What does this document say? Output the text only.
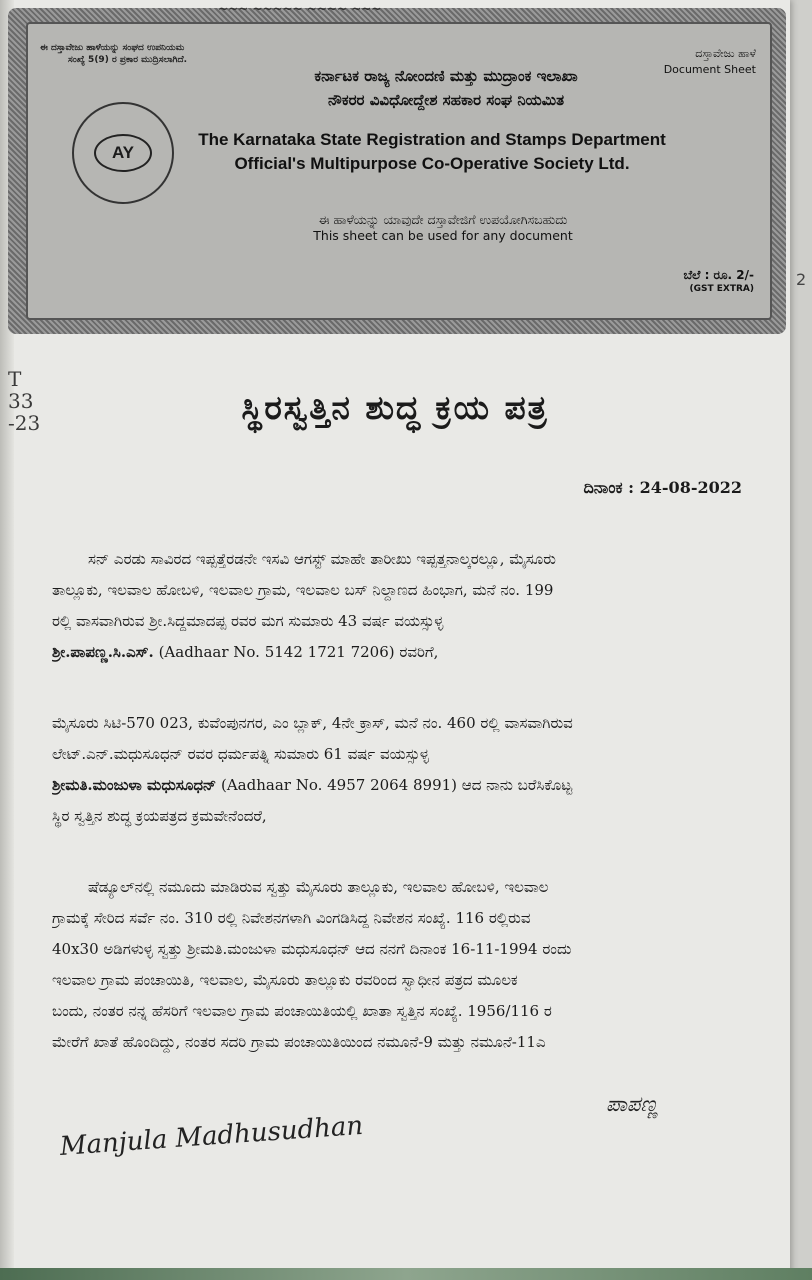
~~~ ~~~~~ ~~~~ ~~~
ಈ ದಸ್ತಾವೇಜು ಹಾಳೆಯನ್ನು ಸಂಘದ ಉಪನಿಯಮ
ಸಂಖ್ಯೆ 5(9) ರ ಪ್ರಕಾರ ಮುದ್ರಿಸಲಾಗಿದೆ.	ದಸ್ತಾವೇಜು ಹಾಳೆ
Document Sheet
AY
ಕರ್ನಾಟಕ ರಾಜ್ಯ ನೋಂದಣಿ ಮತ್ತು ಮುದ್ರಾಂಕ ಇಲಾಖಾ
ನೌಕರರ ವಿವಿಧೋದ್ದೇಶ ಸಹಕಾರ ಸಂಘ ನಿಯಮಿತ
The Karnataka State Registration and Stamps Department
Official's Multipurpose Co-Operative Society Ltd.
ಈ ಹಾಳೆಯನ್ನು ಯಾವುದೇ ದಸ್ತಾವೇಜಿಗೆ ಉಪಯೋಗಿಸಬಹುದು
This sheet can be used for any document
ಬೆಲೆ : ರೂ. 2/-
(GST EXTRA)
T
33
-23
2
ಸ್ಥಿರಸ್ವತ್ತಿನ ಶುದ್ಧ ಕ್ರಯ ಪತ್ರ
ದಿನಾಂಕ : 24-08-2022
ಸನ್ ಎರಡು ಸಾವಿರದ ಇಪ್ಪತ್ತೆರಡನೇ ಇಸವಿ ಆಗಸ್ಟ್ ಮಾಹೇ ತಾರೀಖು ಇಪ್ಪತ್ತನಾಲ್ಕರಲ್ಲೂ, ಮೈಸೂರು
ತಾಲ್ಲೂಕು, ಇಲವಾಲ ಹೋಬಳಿ, ಇಲವಾಲ ಗ್ರಾಮ, ಇಲವಾಲ ಬಸ್ ನಿಲ್ದಾಣದ ಹಿಂಭಾಗ, ಮನೆ ನಂ. 199
ರಲ್ಲಿ ವಾಸವಾಗಿರುವ ಶ್ರೀ.ಸಿದ್ದಮಾದಪ್ಪ ರವರ ಮಗ ಸುಮಾರು 43 ವರ್ಷ ವಯಸ್ಸುಳ್ಳ
ಶ್ರೀ.ಪಾಪಣ್ಣ.ಸಿ.ಎಸ್. (Aadhaar No. 5142 1721 7206) ರವರಿಗೆ,
ಮೈಸೂರು ಸಿಟಿ-570 023, ಕುವೆಂಪುನಗರ, ಎಂ ಬ್ಲಾಕ್, 4ನೇ ಕ್ರಾಸ್, ಮನೆ ನಂ. 460 ರಲ್ಲಿ ವಾಸವಾಗಿರುವ
ಲೇಟ್.ಎನ್.ಮಧುಸೂಧನ್ ರವರ ಧರ್ಮಪತ್ನಿ ಸುಮಾರು 61 ವರ್ಷ ವಯಸ್ಸುಳ್ಳ
ಶ್ರೀಮತಿ.ಮಂಜುಳಾ ಮಧುಸೂಧನ್ (Aadhaar No. 4957 2064 8991) ಆದ ನಾನು ಬರೆಸಿಕೊಟ್ಟ
ಸ್ಥಿರ ಸ್ವತ್ತಿನ ಶುದ್ಧ ಕ್ರಯಪತ್ರದ ಕ್ರಮವೇನೆಂದರೆ,
ಷೆಡ್ಯೂಲ್‌ನಲ್ಲಿ ನಮೂದು ಮಾಡಿರುವ ಸ್ವತ್ತು ಮೈಸೂರು ತಾಲ್ಲೂಕು, ಇಲವಾಲ ಹೋಬಳಿ, ಇಲವಾಲ
ಗ್ರಾಮಕ್ಕೆ ಸೇರಿದ ಸರ್ವೆ ನಂ. 310 ರಲ್ಲಿ ನಿವೇಶನಗಳಾಗಿ ವಿಂಗಡಿಸಿದ್ದ ನಿವೇಶನ ಸಂಖ್ಯೆ. 116 ರಲ್ಲಿರುವ
40x30 ಅಡಿಗಳುಳ್ಳ ಸ್ವತ್ತು ಶ್ರೀಮತಿ.ಮಂಜುಳಾ ಮಧುಸೂಧನ್ ಆದ ನನಗೆ ದಿನಾಂಕ 16-11-1994 ರಂದು
ಇಲವಾಲ ಗ್ರಾಮ ಪಂಚಾಯಿತಿ, ಇಲವಾಲ, ಮೈಸೂರು ತಾಲ್ಲೂಕು ರವರಿಂದ ಸ್ವಾಧೀನ ಪತ್ರದ ಮೂಲಕ
ಬಂದು, ನಂತರ ನನ್ನ ಹೆಸರಿಗೆ ಇಲವಾಲ ಗ್ರಾಮ ಪಂಚಾಯಿತಿಯಲ್ಲಿ ಖಾತಾ ಸ್ವತ್ತಿನ ಸಂಖ್ಯೆ. 1956/116 ರ
ಮೇರೆಗೆ ಖಾತೆ ಹೊಂದಿದ್ದು, ನಂತರ ಸದರಿ ಗ್ರಾಮ ಪಂಚಾಯಿತಿಯಿಂದ ನಮೂನೆ-9 ಮತ್ತು ನಮೂನೆ-11ಎ
ಪಾಪಣ್ಣ
Manjula Madhusudhan
